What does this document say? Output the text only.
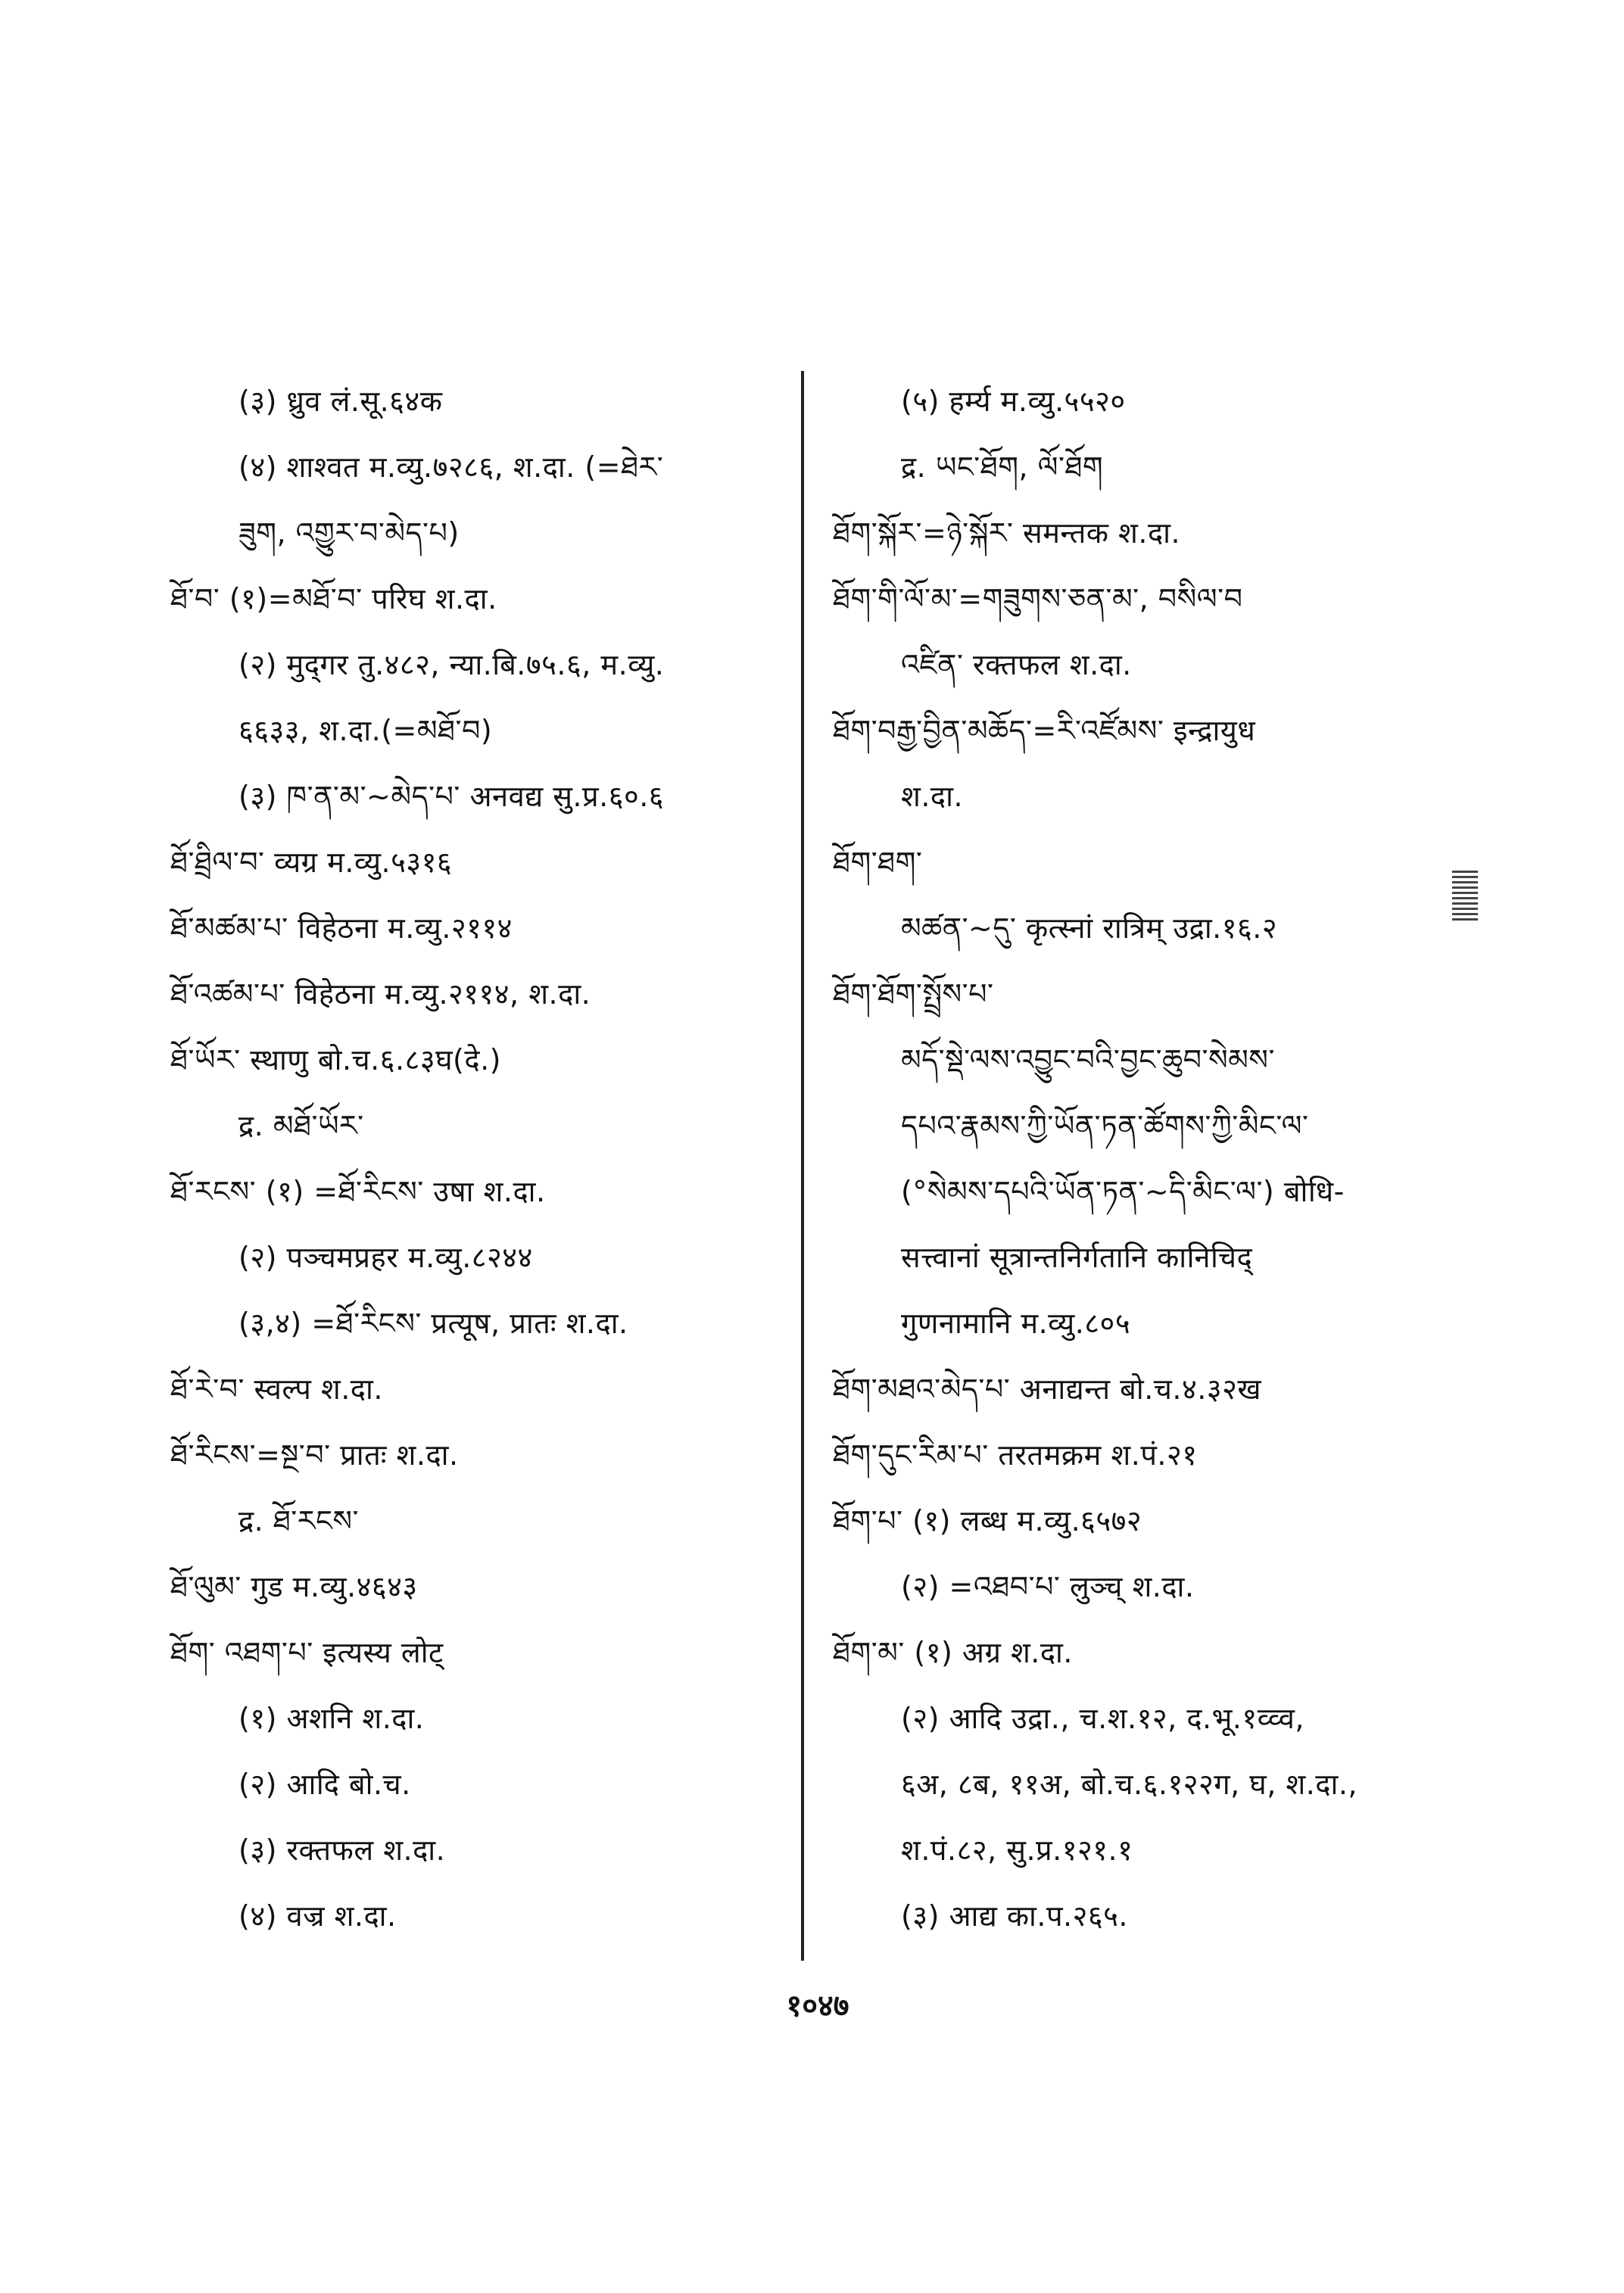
(३) ध्रुव लं.सू.६४क
(४) शाश्वत म.व्यु.७२८६, श.दा. (=ཐེར་
ཟུག, འགྱུར་བ་མེད་པ)
ཐོ་བ་ (१)=མཐོ་བ་ परिघ श.दा.
(२) मुद्‌गर तु.४८२, न्या.बि.७५.६, म.व्यु.
६६३३, श.दा.(=མཐོ་བ)
(३) ཁ་ན་མ་~མེད་པ་ अनवद्य सु.प्र.६०.६
ཐོ་ཐྲིལ་བ་ व्यग्र म.व्यु.५३१६
ཐོ་མཚམ་པ་ विहेठना म.व्यु.२११४
ཐོ་འཚམ་པ་ विहेठना म.व्यु.२११४, श.दा.
ཐོ་ཡོར་ स्थाणु बो.च.६.८३घ(दे.)
द्र. མཐོ་ཡོར་
ཐོ་རངས་ (१) =ཐོ་རིངས་ उषा श.दा.
(२) पञ्चमप्रहर म.व्यु.८२४४
(३,४) =ཐོ་རིངས་ प्रत्यूष, प्रातः श.दा.
ཐོ་རེ་བ་ स्वल्प श.दा.
ཐོ་རིངས་=སྔ་བ་ प्रातः श.दा.
द्र. ཐོ་རངས་
ཐོ་ལུམ་ गुड म.व्यु.४६४३
ཐོག་ འཐག་པ་ इत्यस्य लोट्
(१) अशनि श.दा.
(२) आदि बो.च.
(३) रक्तफल श.दा.
(४) वज्र श.दा.
(५) हर्म्य म.व्यु.५५२०
द्र. ཡང་ཐོག, ལོ་ཐོག
ཐོག་སྐོར་=ཉེ་སྐོར་ समन्तक श.दा.
ཐོག་གི་ལོ་མ་=གཟུགས་ཅན་མ་, བསིལ་བ
འཛིན་ रक्तफल श.दा.
ཐོག་བརྒྱ་བྱིན་མཆོད་=རི་འཛོམས་ इन्द्रायुध
श.दा.
ཐོག་ཐག་
མཚན་~དུ་ कृत्स्नां रात्रिम् उद्रा.१६.२
ཐོག་ཐོག་སྤྲོས་པ་
མདོ་སྡེ་ལས་འབྱུང་བའི་བྱང་ཆུབ་སེམས་
དཔའ་རྣམས་ཀྱི་ཡོན་ཏན་ཚོགས་ཀྱི་མིང་ལ་
(°སེམས་དཔའི་ཡོན་ཏན་~དི་མིང་ལ་) बोधि-
सत्त्वानां सूत्रान्तनिर्गतानि कानिचिद्
गुणनामानि म.व्यु.८०५
ཐོག་མཐའ་མེད་པ་ अनाद्यन्त बो.च.४.३२ख
ཐོག་དུང་རིམ་པ་ तरतमक्रम श.पं.२१
ཐོག་པ་ (१) लब्ध म.व्यु.६५७२
(२) =འཐབ་པ་ लुञ्च् श.दा.
ཐོག་མ་ (१) अग्र श.दा.
(२) आदि उद्रा., च.श.१२, द.भू.१व्व्व,
६अ, ८ब, ११अ, बो.च.६.१२२ग, घ, श.दा.,
श.पं.८२, सु.प्र.१२१.१
(३) आद्य का.प.२६५.
१०४७
